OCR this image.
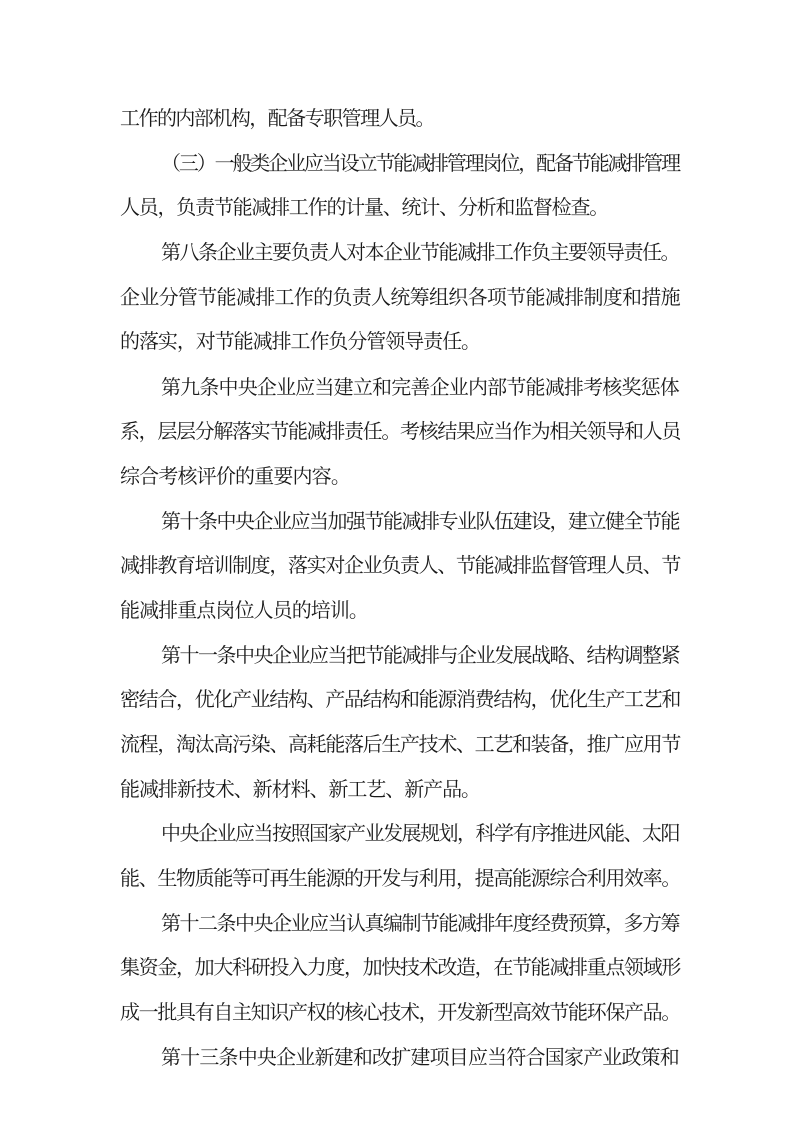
工作的内部机构，配备专职管理人员。
（三）一般类企业应当设立节能减排管理岗位，配备节能减排管理
人员，负责节能减排工作的计量、统计、分析和监督检查。
第八条企业主要负责人对本企业节能减排工作负主要领导责任。
企业分管节能减排工作的负责人统筹组织各项节能减排制度和措施
的落实，对节能减排工作负分管领导责任。
第九条中央企业应当建立和完善企业内部节能减排考核奖惩体
系，层层分解落实节能减排责任。考核结果应当作为相关领导和人员
综合考核评价的重要内容。
第十条中央企业应当加强节能减排专业队伍建设，建立健全节能
减排教育培训制度，落实对企业负责人、节能减排监督管理人员、节
能减排重点岗位人员的培训。
第十一条中央企业应当把节能减排与企业发展战略、结构调整紧
密结合，优化产业结构、产品结构和能源消费结构，优化生产工艺和
流程，淘汰高污染、高耗能落后生产技术、工艺和装备，推广应用节
能减排新技术、新材料、新工艺、新产品。
中央企业应当按照国家产业发展规划，科学有序推进风能、太阳
能、生物质能等可再生能源的开发与利用，提高能源综合利用效率。
第十二条中央企业应当认真编制节能减排年度经费预算，多方筹
集资金，加大科研投入力度，加快技术改造，在节能减排重点领域形
成一批具有自主知识产权的核心技术，开发新型高效节能环保产品。
第十三条中央企业新建和改扩建项目应当符合国家产业政策和
